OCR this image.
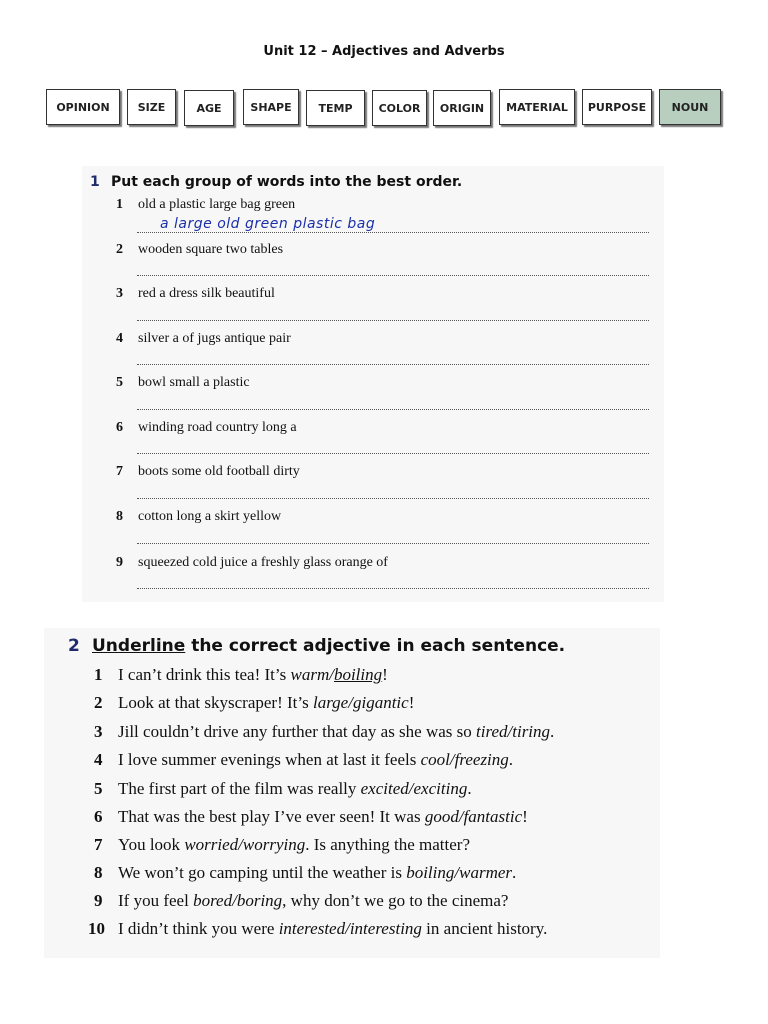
Unit 12 – Adjectives and Adverbs
OPINION	SIZE	AGE	SHAPE	TEMP	COLOR	ORIGIN	MATERIAL	PURPOSE	NOUN
1 Put each group of words into the best order.
1 old a plastic large bag green
a large old green plastic bag
2 wooden square two tables
3 red a dress silk beautiful
4 silver a of jugs antique pair
5 bowl small a plastic
6 winding road country long a
7 boots some old football dirty
8 cotton long a skirt yellow
9 squeezed cold juice a freshly glass orange of
2 Underline the correct adjective in each sentence.
1 I can’t drink this tea! It’s warm/boiling!
2 Look at that skyscraper! It’s large/gigantic!
3 Jill couldn’t drive any further that day as she was so tired/tiring.
4 I love summer evenings when at last it feels cool/freezing.
5 The first part of the film was really excited/exciting.
6 That was the best play I’ve ever seen! It was good/fantastic!
7 You look worried/worrying. Is anything the matter?
8 We won’t go camping until the weather is boiling/warmer.
9 If you feel bored/boring, why don’t we go to the cinema?
10 I didn’t think you were interested/interesting in ancient history.
